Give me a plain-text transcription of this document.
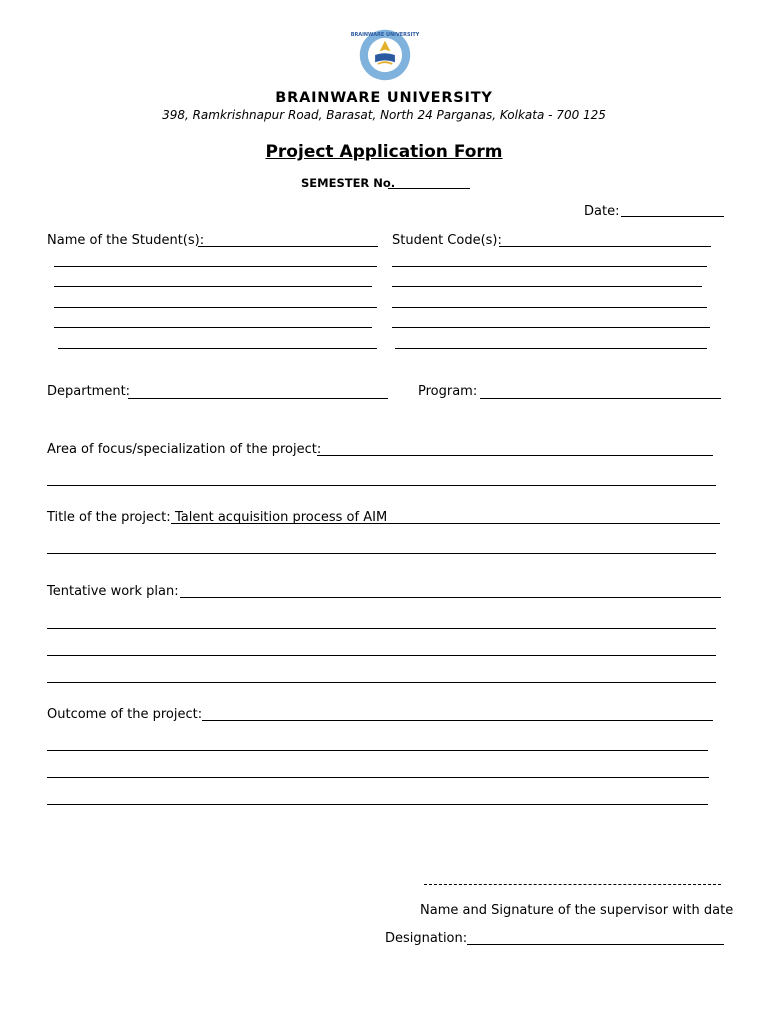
BRAINWARE UNIVERSITY
BRAINWARE UNIVERSITY
398, Ramkrishnapur Road, Barasat, North 24 Parganas, Kolkata - 700 125
Project Application Form
SEMESTER No.
Date:
Name of the Student(s):	Student Code(s):
Department:	Program:
Area of focus/specialization of the project:
Title of the project: Talent acquisition process of AIM
Tentative work plan:
Outcome of the project:
Name and Signature of the supervisor with date
Designation:
